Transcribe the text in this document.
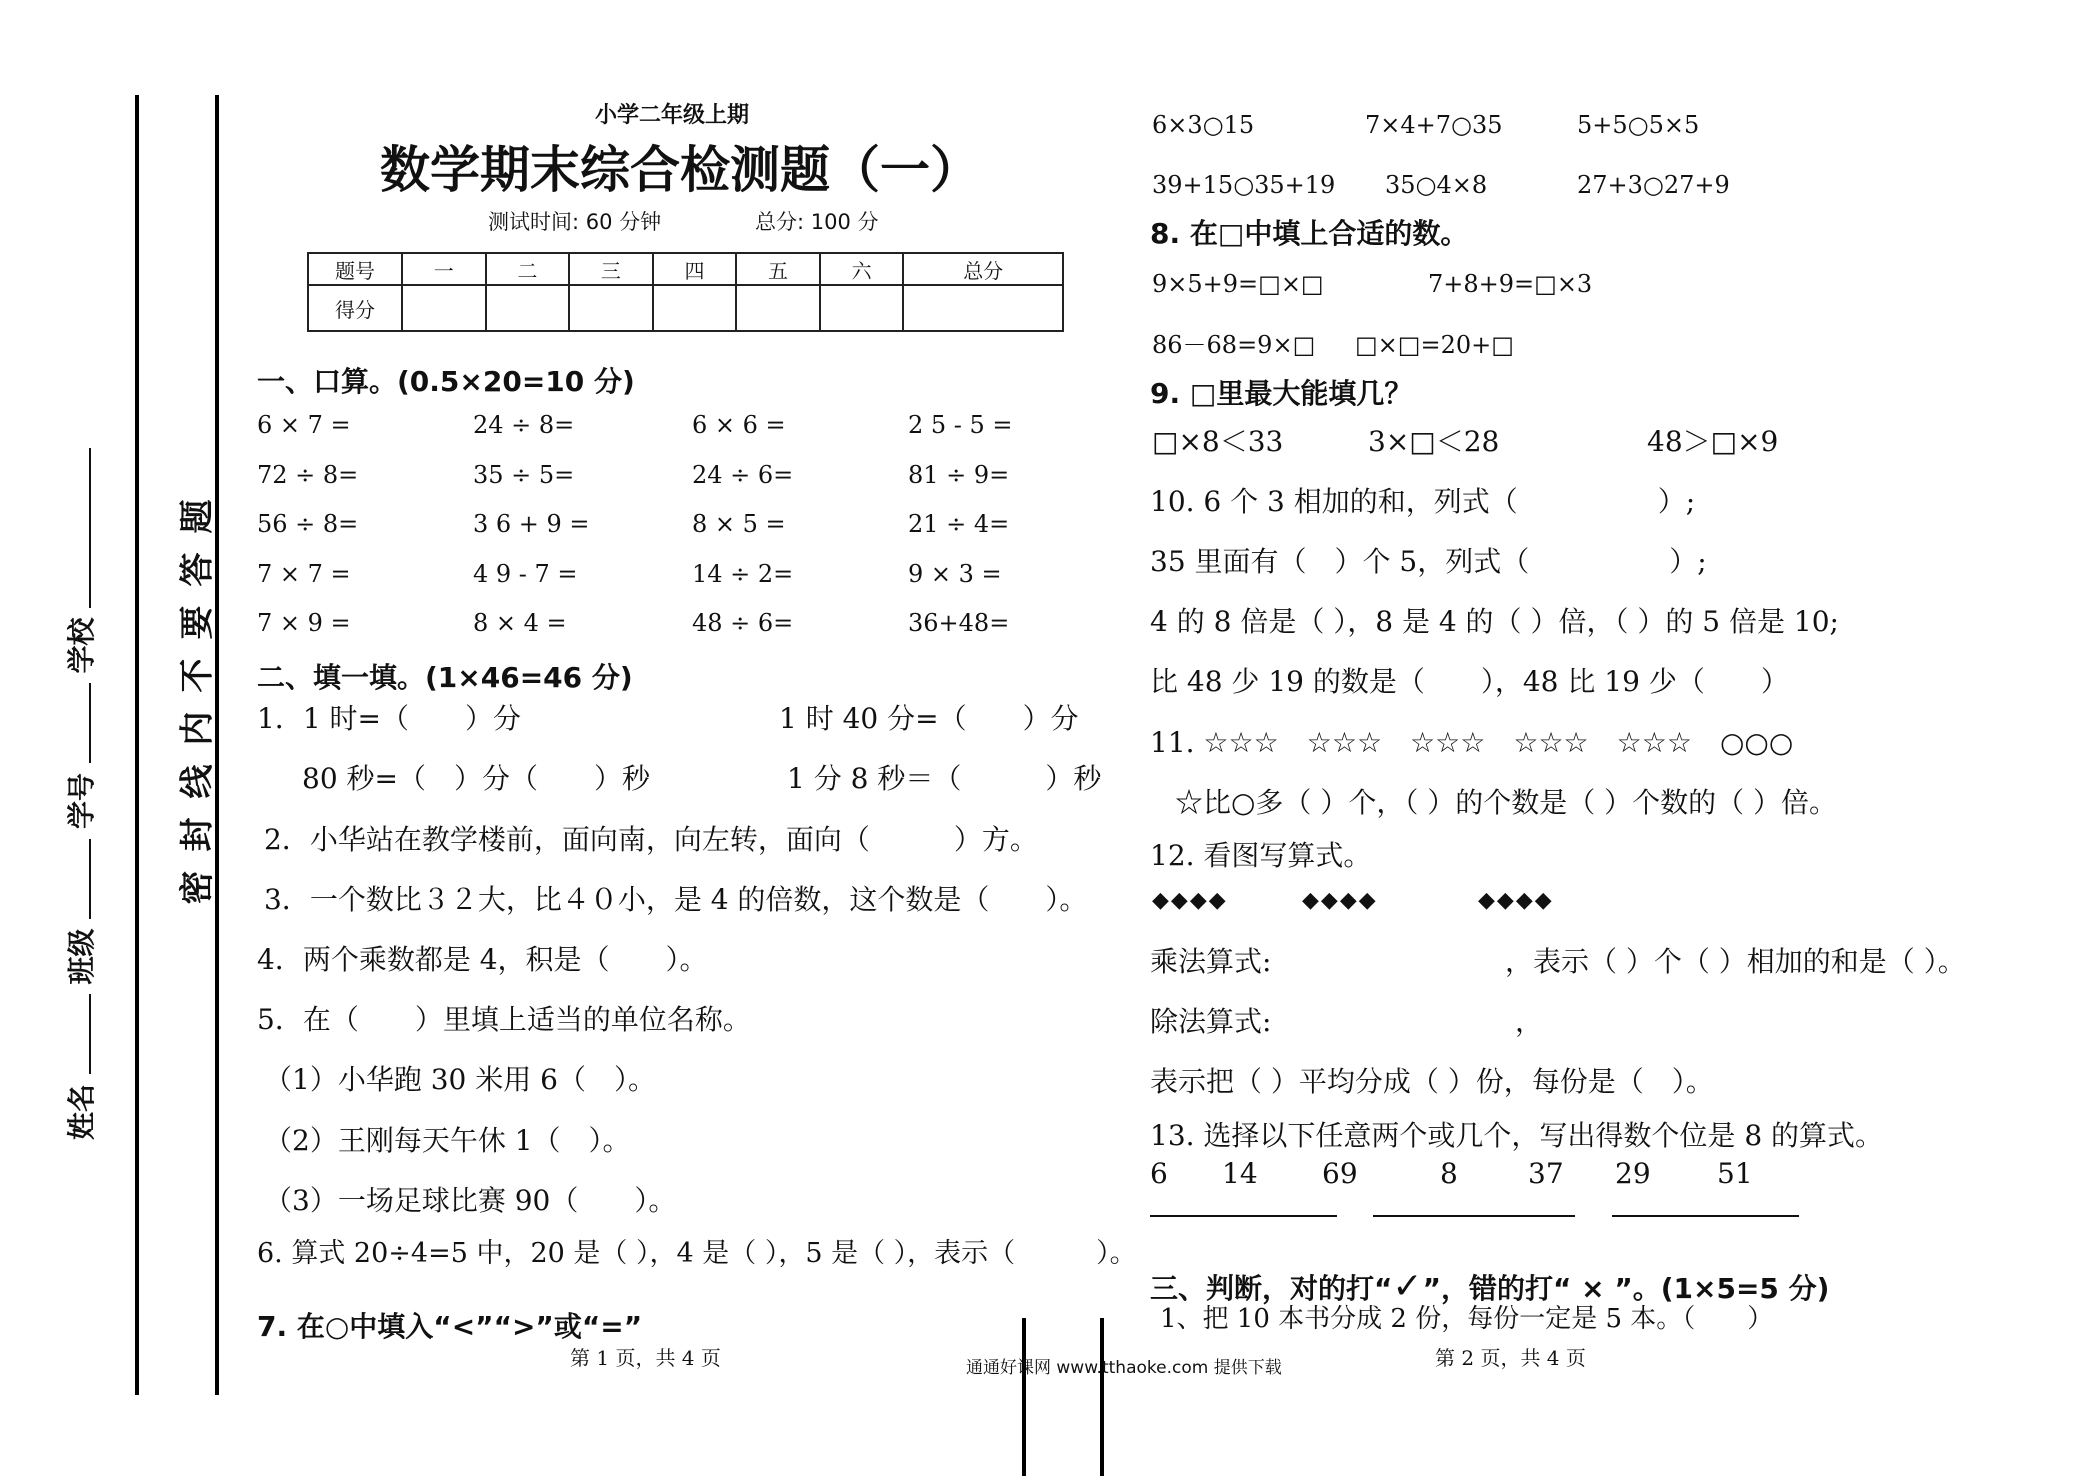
姓名  班级  学号  学校
题
答
要
不
内
线
封
密
小学二年级上期
数学期末综合检测题（一）
测试时间: 60 分钟	总分: 100 分
题号	一	二	三	四	五	六	总分
得分							
一、口算。(0.5×20=10 分)
6 × 7 =	24 ÷ 8=	6 × 6 =	2 5 - 5 =
72 ÷ 8=	35 ÷ 5=	24 ÷ 6=	81 ÷ 9=
56 ÷ 8=	3 6 + 9 =	8 × 5 =	21 ÷ 4=
7 × 7 =	4 9 - 7 =	14 ÷ 2=	9 × 3 =
7 × 9 =	8 × 4 =	48 ÷ 6=	36+48=
二、填一填。(1×46=46 分)
1．1 时=（　　）分	1 时 40 分=（　　）分
80 秒=（　）分（　　）秒	1 分 8 秒＝（　　　）秒
2．小华站在教学楼前，面向南，向左转，面向（　　　）方。
3．一个数比３２大，比４０小，是 4 的倍数，这个数是（　　）。
4．两个乘数都是 4，积是（　　）。
5．在（　　）里填上适当的单位名称。
（1）小华跑 30 米用 6（　）。
（2）王刚每天午休 1（　）。
（3）一场足球比赛 90（　　）。
6. 算式 20÷4=5 中，20 是（ ），4 是（ ），5 是（ ），表示（　　　）。
7. 在○中填入“<”“>”或“=”
第 1 页，共 4 页	通通好课网 www.tthaoke.com 提供下载
6×3○15	7×4+7○35	5+5○5×5
39+15○35+19 35○4×8	27+3○27+9
8. 在□中填上合适的数。
9×5+9=□×□	7+8+9=□×3
86－68=9×□ □×□=20+□
9. □里最大能填几？
□×8＜33	3×□＜28	48＞□×9
10. 6 个 3 相加的和，列式（　　　　　）;
35 里面有（　）个 5，列式（　　　　　）;
4 的 8 倍是（ ），8 是 4 的（ ）倍，（ ）的 5 倍是 10;
比 48 少 19 的数是（　　），48 比 19 少（　　）
11. ☆☆☆　☆☆☆　☆☆☆　☆☆☆　☆☆☆　○○○
☆比○多（ ）个，（ ）的个数是（ ）个数的（ ）倍。
12. 看图写算式。
◆◆◆◆	◆◆◆◆	◆◆◆◆
乘法算式:	，表示（ ）个（ ）相加的和是（ ）。
除法算式:	，
表示把（ ）平均分成（ ）份，每份是（　）。
13. 选择以下任意两个或几个，写出得数个位是 8 的算式。
6 14 69	8	37 29 51
三、判断，对的打“✓”，错的打“ × ”。(1×5=5 分)
1、把 10 本书分成 2 份，每份一定是 5 本。（　　）
第 2 页，共 4 页
